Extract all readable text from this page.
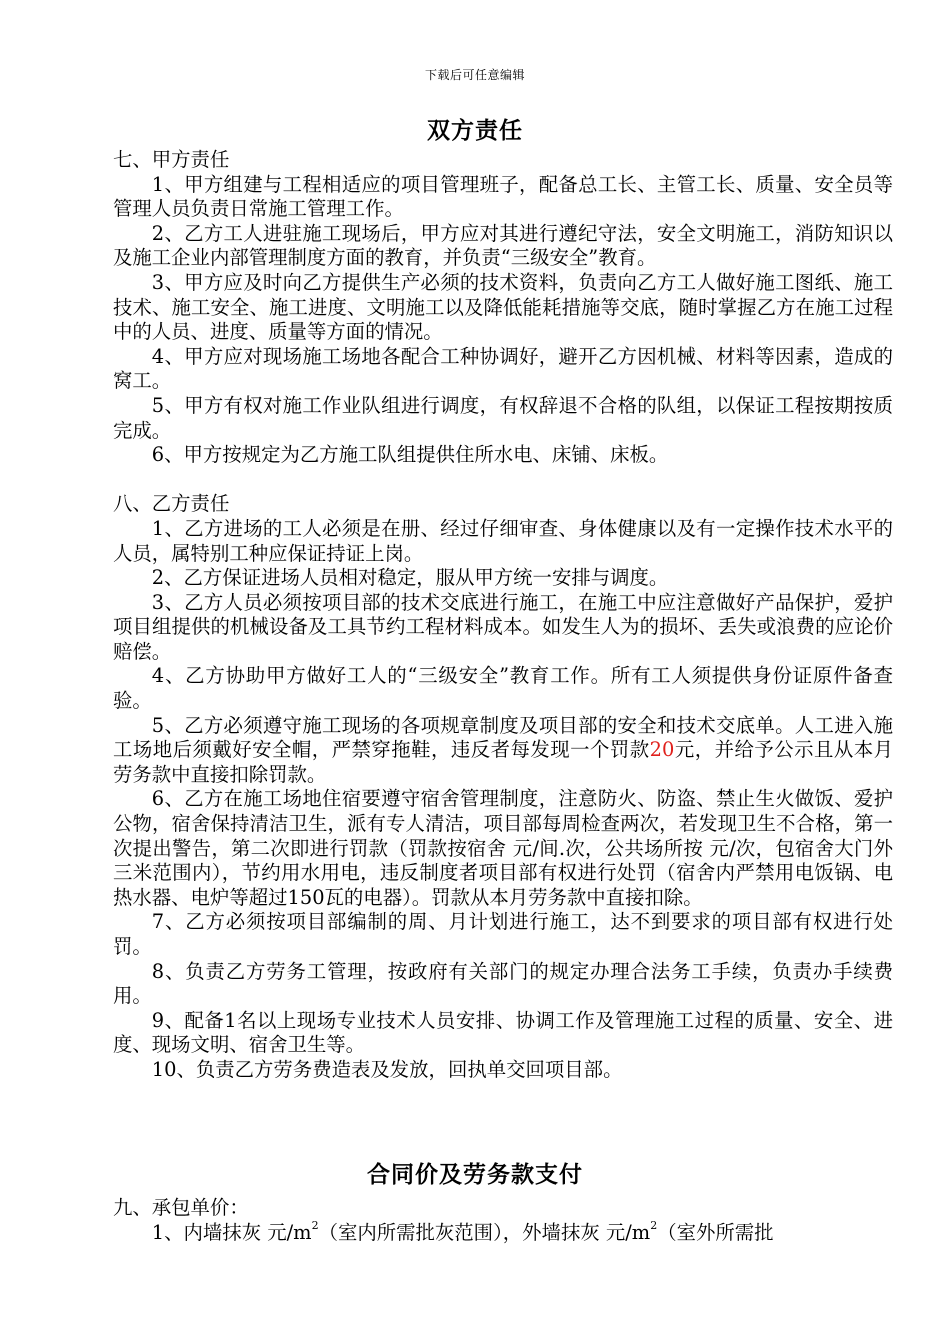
下载后可任意编辑
双方责任

七、甲方责任

1、甲方组建与工程相适应的项目管理班子，配备总工长、主管工长、质量、安全员等管理人员负责日常施工管理工作。

2、乙方工人进驻施工现场后，甲方应对其进行遵纪守法，安全文明施工，消防知识以及施工企业内部管理制度方面的教育，并负责“三级安全”教育。

3、甲方应及时向乙方提供生产必须的技术资料，负责向乙方工人做好施工图纸、施工技术、施工安全、施工进度、文明施工以及降低能耗措施等交底，随时掌握乙方在施工过程中的人员、进度、质量等方面的情况。

4、甲方应对现场施工场地各配合工种协调好，避开乙方因机械、材料等因素，造成的窝工。

5、甲方有权对施工作业队组进行调度，有权辞退不合格的队组，以保证工程按期按质完成。

6、甲方按规定为乙方施工队组提供住所水电、床铺、床板。

八、乙方责任

1、乙方进场的工人必须是在册、经过仔细审查、身体健康以及有一定操作技术水平的人员，属特别工种应保证持证上岗。

2、乙方保证进场人员相对稳定，服从甲方统一安排与调度。

3、乙方人员必须按项目部的技术交底进行施工，在施工中应注意做好产品保护，爱护项目组提供的机械设备及工具节约工程材料成本。如发生人为的损坏、丢失或浪费的应论价赔偿。

4、乙方协助甲方做好工人的“三级安全”教育工作。所有工人须提供身份证原件备查验。

5、乙方必须遵守施工现场的各项规章制度及项目部的安全和技术交底单。人工进入施工场地后须戴好安全帽，严禁穿拖鞋，违反者每发现一个罚款20元，并给予公示且从本月劳务款中直接扣除罚款。

6、乙方在施工场地住宿要遵守宿舍管理制度，注意防火、防盗、禁止生火做饭、爱护公物，宿舍保持清洁卫生，派有专人清洁，项目部每周检查两次，若发现卫生不合格，第一次提出警告，第二次即进行罚款（罚款按宿舍 元/间.次，公共场所按 元/次，包宿舍大门外三米范围内），节约用水用电，违反制度者项目部有权进行处罚（宿舍内严禁用电饭锅、电热水器、电炉等超过150瓦的电器）。罚款从本月劳务款中直接扣除。

7、乙方必须按项目部编制的周、月计划进行施工，达不到要求的项目部有权进行处罚。

8、负责乙方劳务工管理，按政府有关部门的规定办理合法务工手续，负责办手续费用。

9、配备1名以上现场专业技术人员安排、协调工作及管理施工过程的质量、安全、进度、现场文明、宿舍卫生等。

10、负责乙方劳务费造表及发放，回执单交回项目部。

合同价及劳务款支付

九、承包单价：

1、内墙抹灰 元$/m^2$（室内所需批灰范围），外墙抹灰 元$/m^2$（室外所需批
